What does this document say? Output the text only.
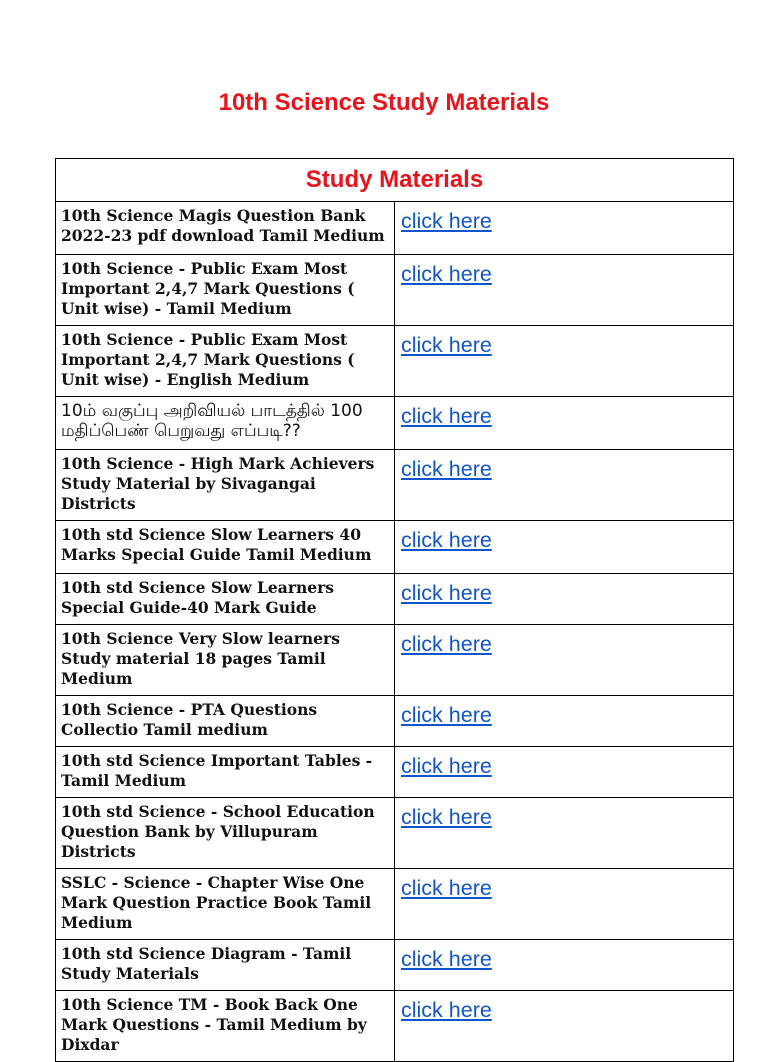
10th Science Study Materials
Study Materials	
10th Science Magis Question Bank 2022-23 pdf download Tamil Medium	click here
10th Science - Public Exam Most Important 2,4,7 Mark Questions ( Unit wise) - Tamil Medium	click here
10th Science - Public Exam Most Important 2,4,7 Mark Questions ( Unit wise) - English Medium	click here
10ம் வகுப்பு அறிவியல் பாடத்தில் 100 மதிப்பெண் பெறுவது எப்படி??	click here
10th Science - High Mark Achievers Study Material by Sivagangai Districts	click here
10th std Science Slow Learners 40 Marks Special Guide Tamil Medium	click here
10th std Science Slow Learners Special Guide-40 Mark Guide	click here
10th Science Very Slow learners Study material 18 pages Tamil Medium	click here
10th Science - PTA Questions Collectio Tamil medium	click here
10th std Science Important Tables - Tamil Medium	click here
10th std Science - School Education Question Bank by Villupuram Districts	click here
SSLC - Science - Chapter Wise One Mark Question Practice Book Tamil Medium	click here
10th std Science Diagram - Tamil Study Materials	click here
10th Science TM - Book Back One Mark Questions - Tamil Medium by Dixdar	click here
